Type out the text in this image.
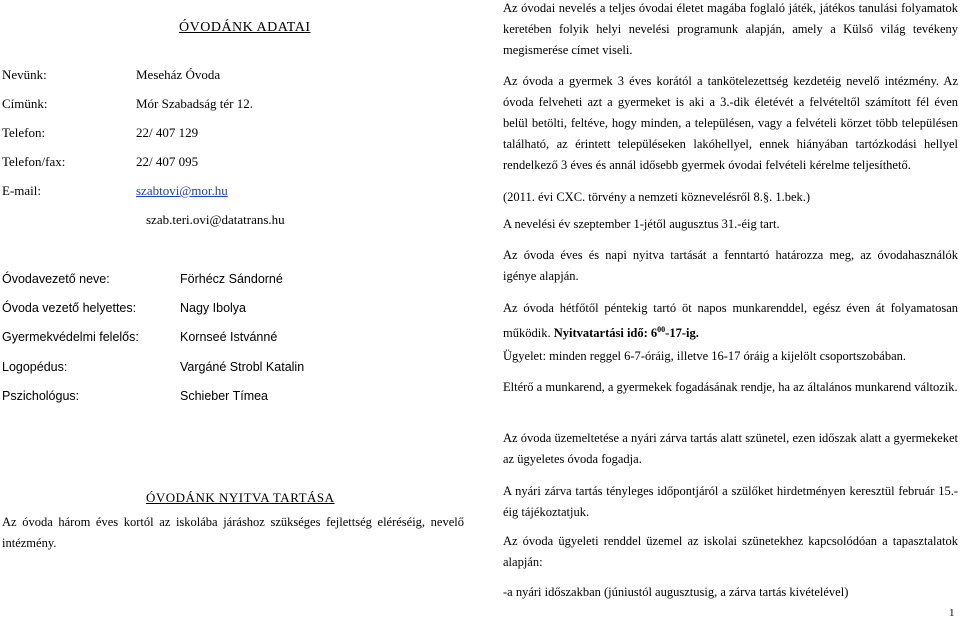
ÓVODÁNK ADATAI
Nevünk:	Meseház Óvoda
Címünk:	Mór Szabadság tér 12.
Telefon:	22/ 407 129
Telefon/fax:	22/ 407 095
E-mail:	szabtovi@mor.hu
szab.teri.ovi@datatrans.hu
Óvodavezető neve:	Förhécz Sándorné
Óvoda vezető helyettes:	Nagy Ibolya
Gyermekvédelmi felelős:	Kornseé Istvánné
Logopédus:	Vargáné Strobl Katalin
Pszichológus:	Schieber Tímea
ÓVODÁNK NYITVA TARTÁSA
Az óvoda három éves kortól az iskolába járáshoz szükséges fejlettség eléréséig, nevelő intézmény.
Az óvodai nevelés a teljes óvodai életet magába foglaló játék, játékos tanulási folyamatok keretében folyik helyi nevelési programunk alapján, amely a Külső világ tevékeny megismerése címet viseli.
Az óvoda a gyermek 3 éves korától a tankötelezettség kezdetéig nevelő intézmény. Az óvoda felveheti azt a gyermeket is aki a 3.-dik életévét a felvételtől számított fél éven belül betölti, feltéve, hogy minden, a településen, vagy a felvételi körzet több településen található, az érintett településeken lakóhellyel, ennek hiányában tartózkodási hellyel rendelkező 3 éves és annál idősebb gyermek óvodai felvételi kérelme teljesíthető.
(2011. évi CXC. törvény a nemzeti köznevelésről 8.§. 1.bek.)
A nevelési év szeptember 1-jétől augusztus 31.-éig tart.
Az óvoda éves és napi nyitva tartását a fenntartó határozza meg, az óvodahasználók igénye alapján.
Az óvoda hétfőtől péntekig tartó öt napos munkarenddel, egész éven át folyamatosan működik. Nyitvatartási idő: $6^{00}-17-ig$.
Ügyelet: minden reggel 6-7-óráig, illetve 16-17 óráig a kijelölt csoportszobában.
Eltérő a munkarend, a gyermekek fogadásának rendje, ha az általános munkarend változik.
Az óvoda üzemeltetése a nyári zárva tartás alatt szünetel, ezen időszak alatt a gyermekeket az ügyeletes óvoda fogadja.
A nyári zárva tartás tényleges időpontjáról a szülőket hirdetményen keresztül február 15.-éig tájékoztatjuk.
Az óvoda ügyeleti renddel üzemel az iskolai szünetekhez kapcsolódóan a tapasztalatok alapján:
-a nyári időszakban (júniustól augusztusig, a zárva tartás kivételével)
1
